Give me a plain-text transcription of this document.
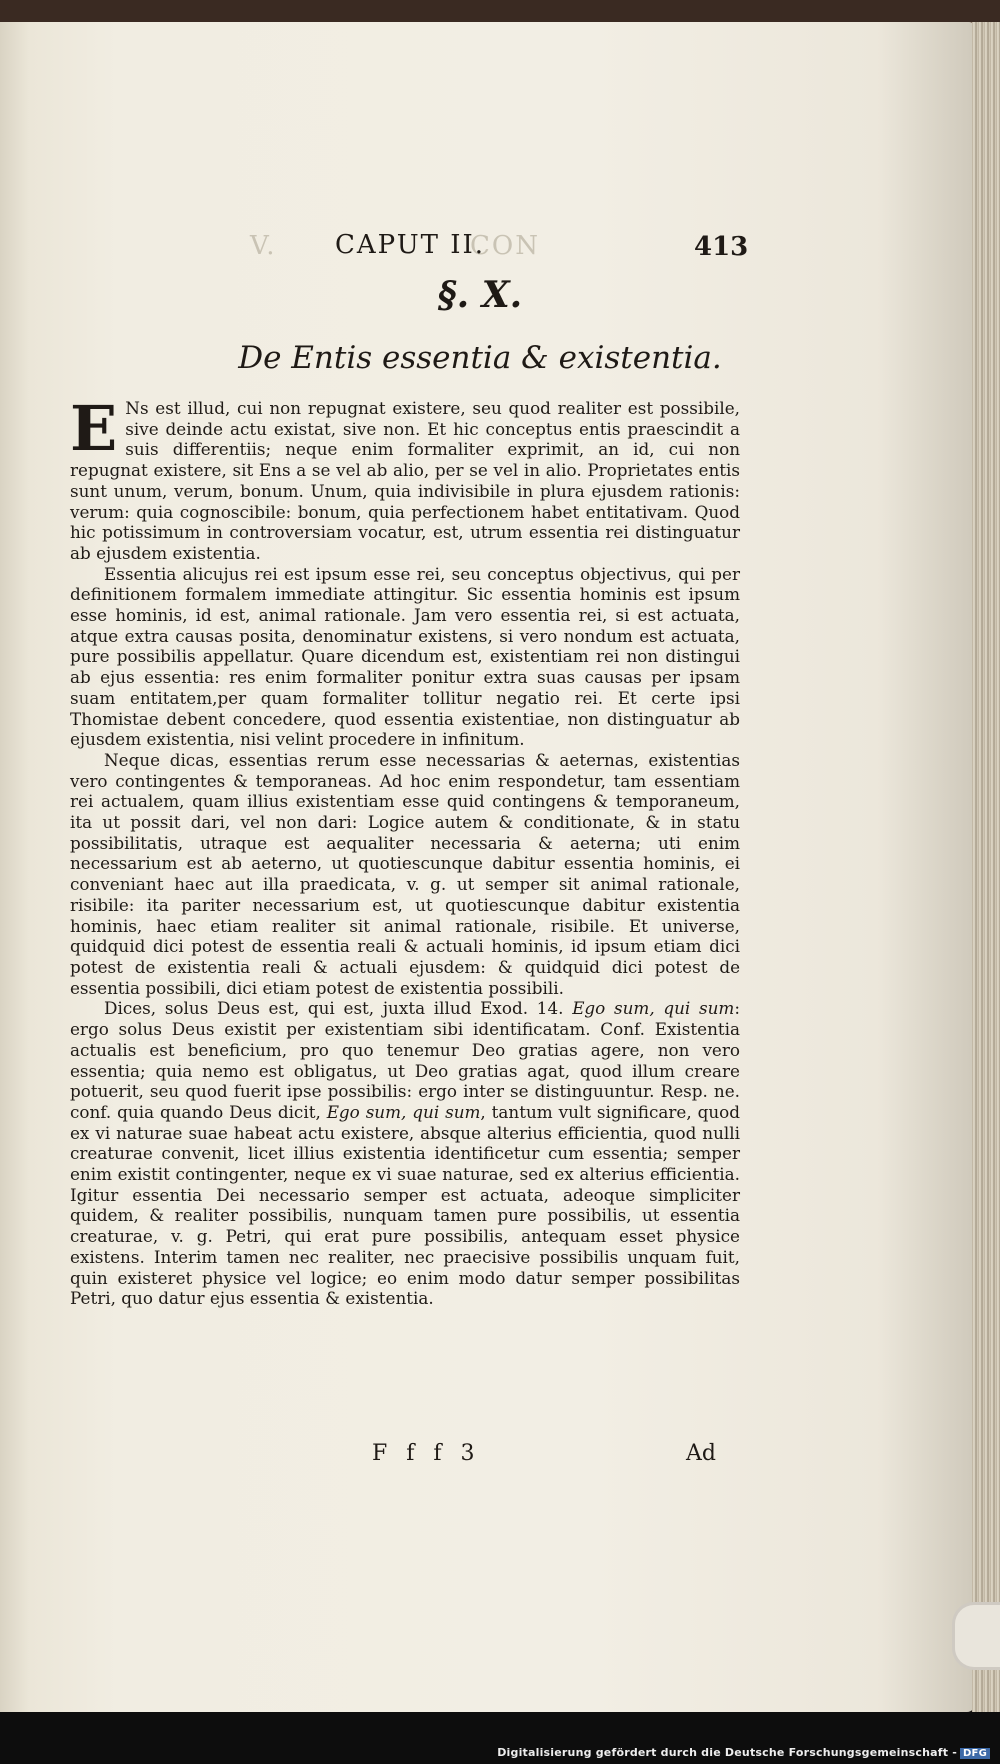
V.	CON
CAPUT II.	413
§. X.
De Entis essentia & existentia.

E Ns est illud, cui non repugnat existere, seu quod realiter est possibile, sive deinde actu existat, sive non. Et hic conceptus entis praescindit a suis differentiis; neque enim formaliter exprimit, an id, cui non repugnat existere, sit Ens a se vel ab alio, per se vel in alio. Proprietates entis sunt unum, verum, bonum. Unum, quia indivisibile in plura ejusdem rationis: verum: quia cognoscibile: bonum, quia perfectionem habet entitativam. Quod hic potissimum in controversiam vocatur, est, utrum essentia rei distinguatur ab ejusdem existentia.

Essentia alicujus rei est ipsum esse rei, seu conceptus objectivus, qui per definitionem formalem immediate attingitur. Sic essentia hominis est ipsum esse hominis, id est, animal rationale. Jam vero essentia rei, si est actuata, atque extra causas posita, denominatur existens, si vero nondum est actuata, pure possibilis appellatur. Quare dicendum est, existentiam rei non distingui ab ejus essentia: res enim formaliter ponitur extra suas causas per ipsam suam entitatem,per quam formaliter tollitur negatio rei. Et certe ipsi Thomistae debent concedere, quod essentia existentiae, non distinguatur ab ejusdem existentia, nisi velint procedere in infinitum.

Neque dicas, essentias rerum esse necessarias & aeternas, existentias vero contingentes & temporaneas. Ad hoc enim respondetur, tam essentiam rei actualem, quam illius existentiam esse quid contingens & temporaneum, ita ut possit dari, vel non dari: Logice autem & conditionate, & in statu possibilitatis, utraque est aequaliter necessaria & aeterna; uti enim necessarium est ab aeterno, ut quotiescunque dabitur essentia hominis, ei conveniant haec aut illa praedicata, v. g. ut semper sit animal rationale, risibile: ita pariter necessarium est, ut quotiescunque dabitur existentia hominis, haec etiam realiter sit animal rationale, risibile. Et universe, quidquid dici potest de essentia reali & actuali hominis, id ipsum etiam dici potest de existentia reali & actuali ejusdem: & quidquid dici potest de essentia possibili, dici etiam potest de existentia possibili.

Dices, solus Deus est, qui est, juxta illud Exod. 14. Ego sum, qui sum: ergo solus Deus existit per existentiam sibi identificatam. Conf. Existentia actualis est beneficium, pro quo tenemur Deo gratias agere, non vero essentia; quia nemo est obligatus, ut Deo gratias agat, quod illum creare potuerit, seu quod fuerit ipse possibilis: ergo inter se distinguuntur. Resp. ne. conf. quia quando Deus dicit, Ego sum, qui sum, tantum vult significare, quod ex vi naturae suae habeat actu existere, absque alterius efficientia, quod nulli creaturae convenit, licet illius existentia identificetur cum essentia; semper enim existit contingenter, neque ex vi suae naturae, sed ex alterius efficientia. Igitur essentia Dei necessario semper est actuata, adeoque simpliciter quidem, & realiter possibilis, nunquam tamen pure possibilis, ut essentia creaturae, v. g. Petri, qui erat pure possibilis, antequam esset physice existens. Interim tamen nec realiter, nec praecisive possibilis unquam fuit, quin existeret physice vel logice; eo enim modo datur semper possibilitas Petri, quo datur ejus essentia & existentia.

F f f 3	Ad
Digitalisierung gefördert durch die Deutsche Forschungsgemeinschaft - DFG
